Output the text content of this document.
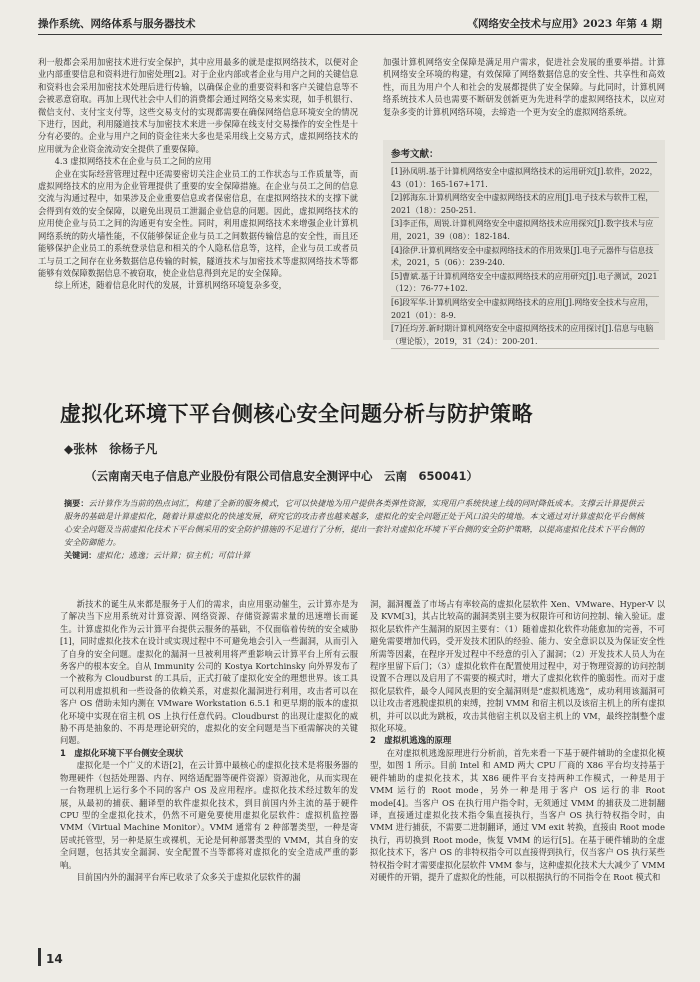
操作系统、网络体系与服务器技术	《网络安全技术与应用》2023 年第 4 期

利一般都会采用加密技术进行安全保护，其中应用最多的就是虚拟网络技术，以便对企业内部重要信息和资料进行加密处理[2]。对于企业内部或者企业与用户之间的关键信息和资料也会采用加密技术处理后进行传输，以确保企业的重要资料和客户关键信息等不会被恶意窃取。再加上现代社会中人们的消费都会通过网络交易来实现，如手机银行、微信支付、支付宝支付等，这些交易支付的实现都需要在确保网络信息环境安全的情况下进行，因此，利用隧道技术与加密技术来进一步保障在线支付交易操作的安全性是十分有必要的。企业与用户之间的资金往来大多也是采用线上交易方式，虚拟网络技术的应用就为企业资金流动安全提供了重要保障。

4.3 虚拟网络技术在企业与员工之间的应用

企业在实际经营管理过程中还需要密切关注企业员工的工作状态与工作质量等，而虚拟网络技术的应用为企业管理提供了重要的安全保障措施。在企业与员工之间的信息交流与沟通过程中，如果涉及企业重要信息或者保密信息，在虚拟网络技术的支撑下就会得到有效的安全保障，以避免出现员工泄漏企业信息的问题。因此，虚拟网络技术的应用使企业与员工之间的沟通更有安全性。同时，利用虚拟网络技术来增强企业计算机网络系统的防火墙性能，不仅能够保证企业与员工之间数据传输信息的安全性，而且还能够保护企业员工的系统登录信息和相关的个人隐私信息等，这样，企业与员工或者员工与员工之间存在业务数据信息传输的时候，隧道技术与加密技术等虚拟网络技术等都能够有效保障数据信息不被窃取，使企业信息得到充足的安全保障。

综上所述，随着信息化时代的发展，计算机网络环境复杂多变，

加强计算机网络安全保障是满足用户需求，促进社会发展的重要举措。计算机网络安全环境的构建，有效保障了网络数据信息的安全性、共享性和高效性，而且为用户个人和社会的发展都提供了安全保障。与此同时，计算机网络系统技术人员也需要不断研发创新更为先进科学的虚拟网络技术，以应对复杂多变的计算机网络环境，去缔造一个更为安全的虚拟网络系统。

参考文献：
[1]孙凤明.基于计算机网络安全中虚拟网络技术的运用研究[J].软件，2022，43（01）：165-167+171.
[2]郭海东.计算机网络安全中虚拟网络技术的应用[J].电子技术与软件工程，2021（18）：250-251.
[3]李正伟，周锐.计算机网络安全中虚拟网络技术应用探究[J].数字技术与应用，2021，39（08）：182-184.
[4]徐伊.计算机网络安全中虚拟网络技术的作用效果[J].电子元器件与信息技术，2021，5（06）：239-240.
[5]曹斌.基于计算机网络安全中虚拟网络技术的应用研究[J].电子测试，2021（12）：76-77+102.
[6]段军华.计算机网络安全中虚拟网络技术的应用[J].网络安全技术与应用，2021（01）：8-9.
[7]任均芳.新时期计算机网络安全中虚拟网络技术的应用探讨[J].信息与电脑（理论版），2019，31（24）：200-201.
虚拟化环境下平台侧核心安全问题分析与防护策略
◆张林　徐杨子凡
（云南南天电子信息产业股份有限公司信息安全测评中心　云南　650041）
摘要：云计算作为当前的热点词汇，构建了全新的服务模式，它可以快捷地为用户提供各类弹性资源，实现用户系统快速上线的同时降低成本。支撑云计算提供云服务的基础是计算虚拟化，随着计算虚拟化的快速发展，研究它的攻击者也越来越多，虚拟化的安全问题正处于风口浪尖的境地。本文通过对计算虚拟化平台侧核心安全问题及当前虚拟化技术下平台侧采用的安全防护措施的不足进行了分析，提出一套针对虚拟化环境下平台侧的安全防护策略，以提高虚拟化技术下平台侧的安全防御能力。
关键词：虚拟化；逃逸；云计算；宿主机；可信计算

新技术的诞生从来都是服务于人们的需求，由应用驱动催生，云计算亦是为了解决当下应用系统对计算资源、网络资源、存储资源需求量的迅速增长而诞生。计算虚拟化作为云计算平台提供云服务的基础，不仅面临着传统的安全威胁[1]，同时虚拟化技术在设计或实现过程中不可避免地会引入一些漏洞，从而引入了自身的安全问题。虚拟化的漏洞一旦被利用将严重影响云计算平台上所有云服务客户的根本安全。自从 Immunity 公司的 Kostya Kortchinsky 向外界发布了一个被称为 Cloudburst 的工具后，正式打破了虚拟化安全的理想世界。该工具可以利用虚拟机和一些设备的依赖关系，对虚拟化漏洞进行利用，攻击者可以在客户 OS 借助未知内测在 VMware Workstation 6.5.1 和更早期的版本的虚拟化环境中实现在宿主机 OS 上执行任意代码。Cloudburst 的出现让虚拟化的威胁不再是抽象的、不再是理论研究的，虚拟化的安全问题是当下亟需解决的关键问题。

1　虚拟化环境下平台侧安全现状

虚拟化是一个广义的术语[2]，在云计算中最核心的虚拟化技术是将服务器的物理硬件（包括处理器、内存、网络适配器等硬件资源）资源池化，从而实现在一台物理机上运行多个不同的客户 OS 及应用程序。虚拟化技术经过数年的发展，从最初的捕获、翻译型的软件虚拟化技术，到目前国内外主流的基于硬件 CPU 型的全虚拟化技术，仍然不可避免要使用虚拟化层软件：虚拟机监控器 VMM（Virtual Machine Monitor）。VMM 通常有 2 种部署类型，一种是寄居或托管型，另一种是原生或裸机，无论是何种部署类型的 VMM，其自身的安全问题，包括其安全漏洞、安全配置不当等都将对虚拟化的安全造成严重的影响。

目前国内外的漏洞平台库已收录了众多关于虚拟化层软件的漏

洞，漏洞覆盖了市场占有率较高的虚拟化层软件 Xen、VMware、Hyper-V 以及 KVM[3]，其占比较高的漏洞类别主要为权限许可和访问控制、输入验证。虚拟化层软件产生漏洞的原因主要有：（1）随着虚拟化软件功能愈加的完善，不可避免需要增加代码，受开发技术团队的经验、能力、安全意识以及为保证安全性所需等因素，在程序开发过程中不经意的引入了漏洞；（2）开发技术人员人为在程序里留下后门；（3）虚拟化软件在配置使用过程中，对于物理资源的访问控制设置不合理以及启用了不需要的模式时，增大了虚拟化软件的脆弱性。而对于虚拟化层软件，最令人闻风丧胆的安全漏洞则是“虚拟机逃逸”，成功利用该漏洞可以让攻击者逃脱虚拟机的束缚，控制 VMM 和宿主机以及该宿主机上的所有虚拟机，并可以以此为跳板，攻击其他宿主机以及宿主机上的 VM，最终控制整个虚拟化环境。

2　虚拟机逃逸的原理

在对虚拟机逃逸原理进行分析前，首先来看一下基于硬件辅助的全虚拟化模型，如图 1 所示。目前 Intel 和 AMD 两大 CPU 厂商的 X86 平台均支持基于硬件辅助的虚拟化技术，其 X86 硬件平台支持两种工作模式，一种是用于 VMM 运行的 Root mode，另外一种是用于客户 OS 运行的非 Root mode[4]。当客户 OS 在执行用户指令时，无须通过 VMM 的捕获及二进制翻译，直接通过虚拟化技术指令集直接执行，当客户 OS 执行特权指令时，由 VMM 进行捕获，不需要二进制翻译，通过 VM exit 转换，直接由 Root mode 执行，再切换到 Root mode，恢复 VMM 的运行[5]。在基于硬件辅助的全虚拟化技术下，客户 OS 的非特权指令可以直接得到执行，仅当客户 OS 执行某些特权指令时才需要虚拟化层软件 VMM 参与，这种虚拟化技术大大减少了 VMM 对硬件的开销，提升了虚拟化的性能，可以根据执行的不同指令在 Root 模式和

14
